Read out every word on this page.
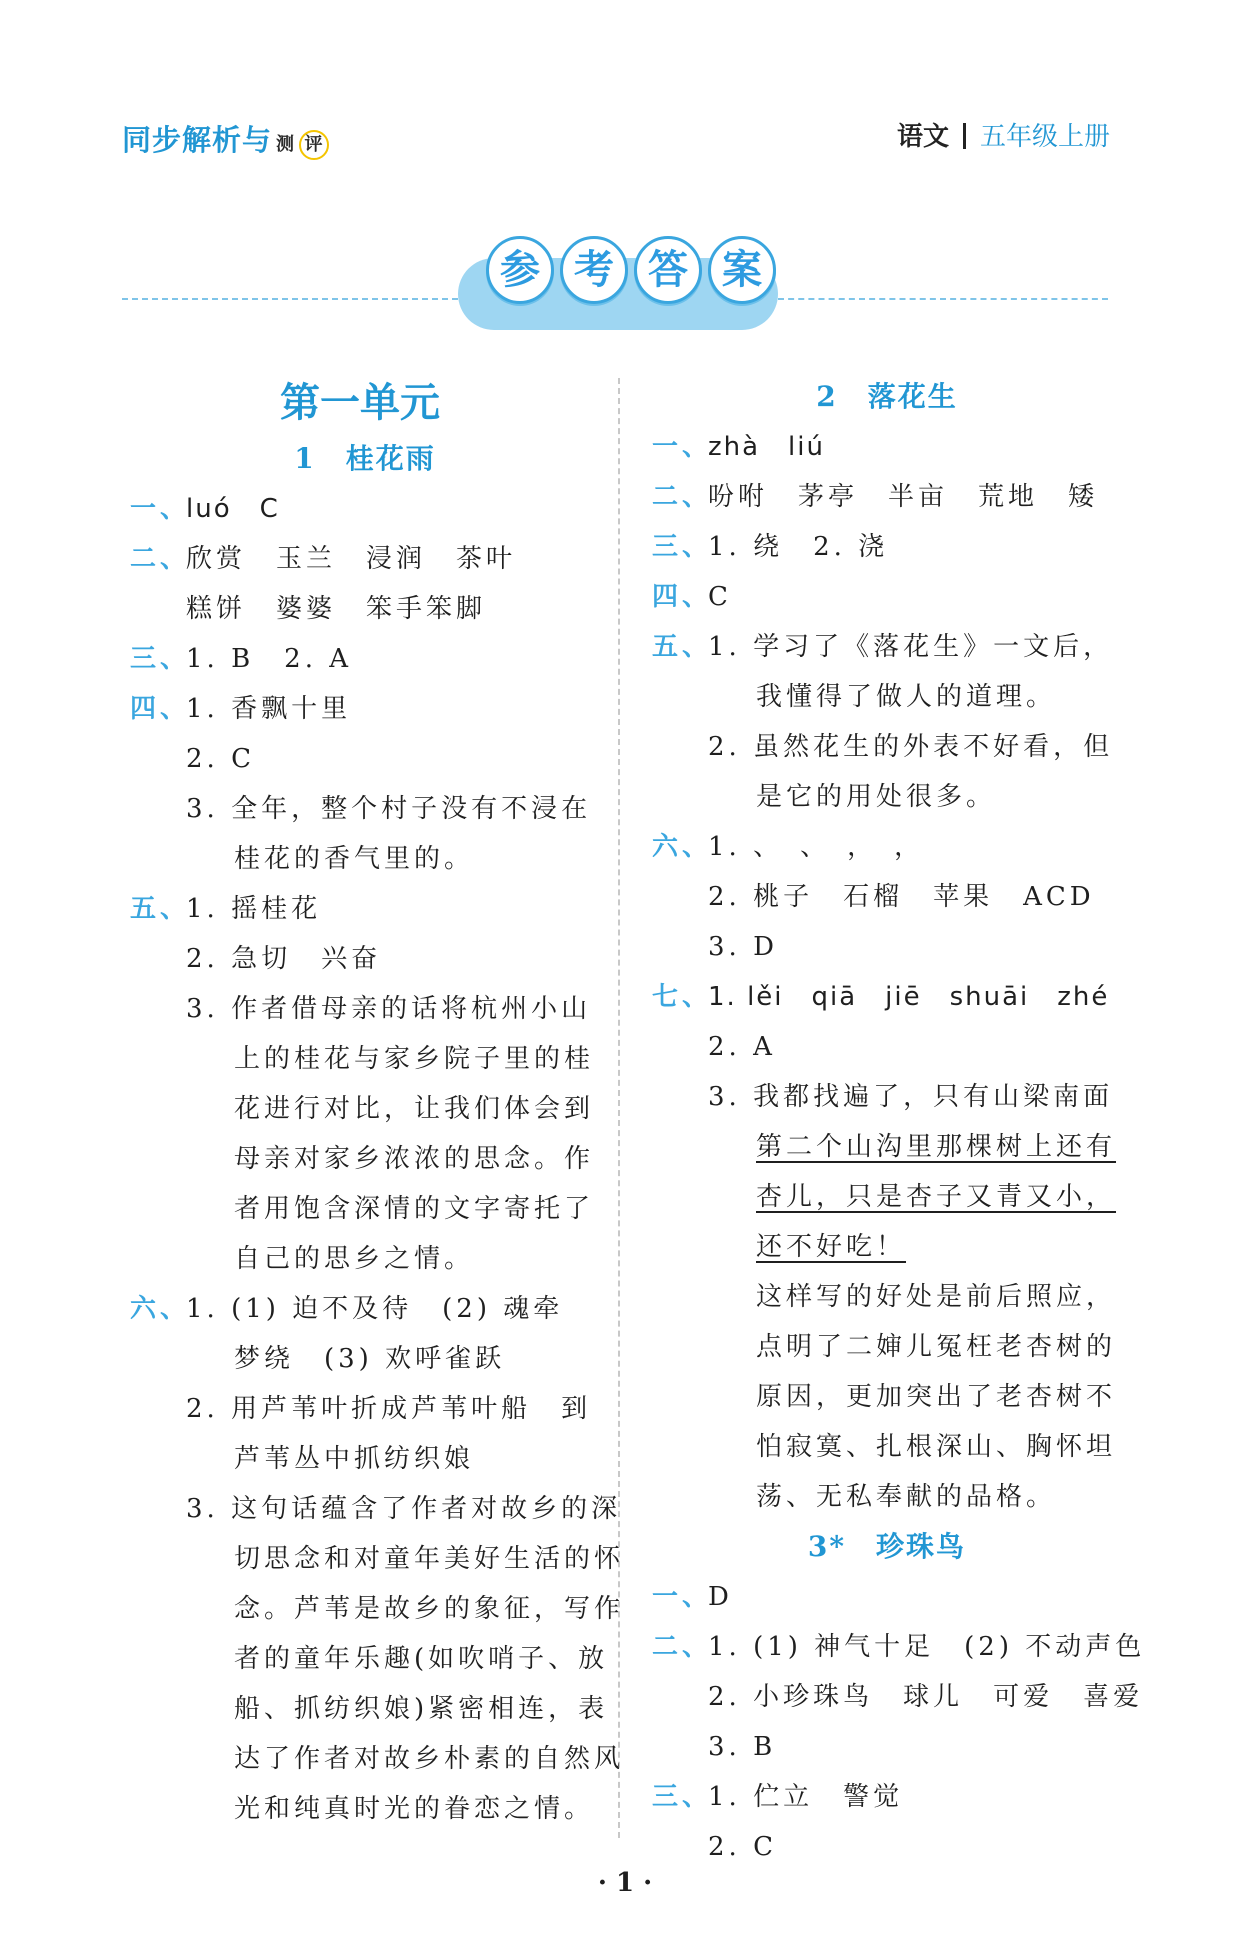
同步解析与 测 评	语文 五年级上册
参 考 答 案
第一单元
1　桂花雨
一、
luó　C
二、
欣赏　玉兰　浸润　茶叶
糕饼　婆婆　笨手笨脚
三、
1. B　2. A
四、
1. 香飘十里
2. C
3. 全年，整个村子没有不浸在
桂花的香气里的。
五、
1. 摇桂花
2. 急切　兴奋
3. 作者借母亲的话将杭州小山
上的桂花与家乡院子里的桂
花进行对比，让我们体会到
母亲对家乡浓浓的思念。作
者用饱含深情的文字寄托了
自己的思乡之情。
六、
1. (1) 迫不及待　(2) 魂牵
梦绕　(3) 欢呼雀跃
2. 用芦苇叶折成芦苇叶船　到
芦苇丛中抓纺织娘
3. 这句话蕴含了作者对故乡的深
切思念和对童年美好生活的怀
念。芦苇是故乡的象征，写作
者的童年乐趣(如吹哨子、放
船、抓纺织娘)紧密相连，表
达了作者对故乡朴素的自然风
光和纯真时光的眷恋之情。
2　落花生
一、
zhà　liú
二、
吩咐　茅亭　半亩　荒地　矮
三、
1. 绕　2. 浇
四、
C
五、
1. 学习了《落花生》一文后，
我懂得了做人的道理。
2. 虽然花生的外表不好看，但
是它的用处很多。
六、
1. 、　、　，　，
2. 桃子　石榴　苹果　ACD
3. D
七、
1. lěi　qiā　jiē　shuāi　zhé
2. A
3. 我都找遍了，只有山梁南面
第二个山沟里那棵树上还有
杏儿，只是杏子又青又小，
还不好吃！
这样写的好处是前后照应，
点明了二婶儿冤枉老杏树的
原因，更加突出了老杏树不
怕寂寞、扎根深山、胸怀坦
荡、无私奉献的品格。
3*　珍珠鸟
一、
D
二、
1. (1) 神气十足　(2) 不动声色
2. 小珍珠鸟　球儿　可爱　喜爱
3. B
三、
1. 伫立　警觉
2. C
· 1 ·
